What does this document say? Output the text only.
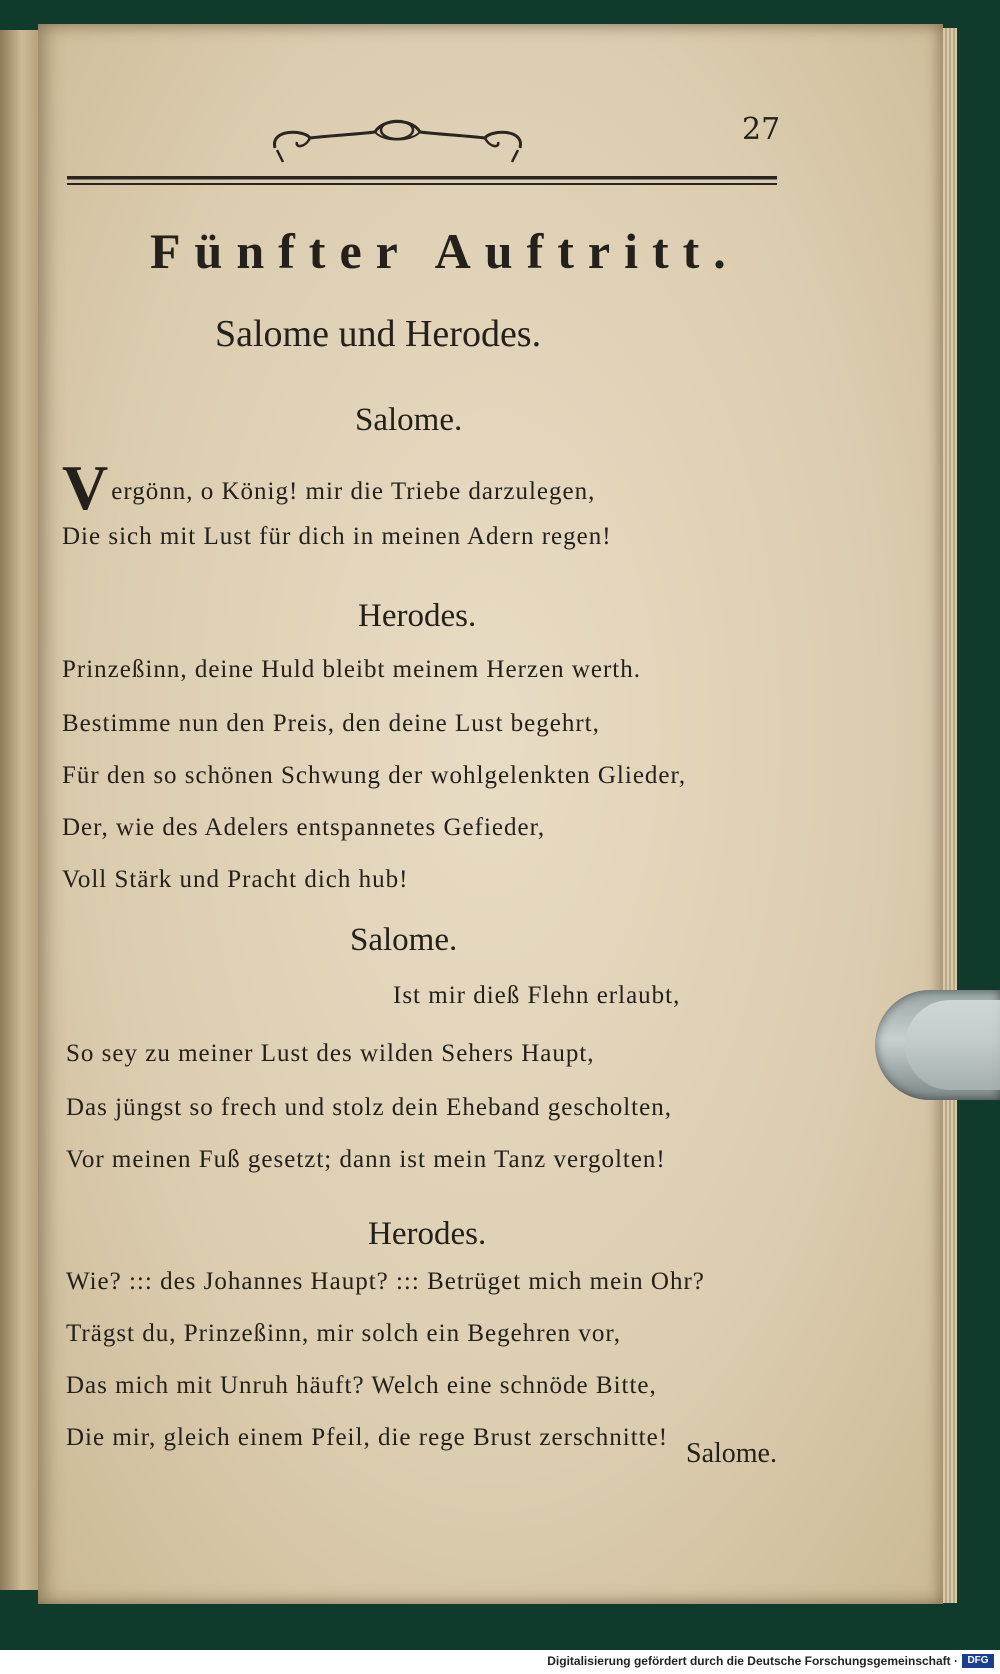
27
Fünfter Auftritt.
Salome und Herodes.
Salome.
Vergönn, o König! mir die Triebe darzulegen,
Die sich mit Lust für dich in meinen Adern regen!
Herodes.
Prinzeßinn, deine Huld bleibt meinem Herzen werth.
Bestimme nun den Preis, den deine Lust begehrt,
Für den so schönen Schwung der wohlgelenkten Glieder,
Der, wie des Adelers entspannetes Gefieder,
Voll Stärk und Pracht dich hub!
Salome.
Ist mir dieß Flehn erlaubt,
So sey zu meiner Lust des wilden Sehers Haupt,
Das jüngst so frech und stolz dein Eheband gescholten,
Vor meinen Fuß gesetzt; dann ist mein Tanz vergolten!
Herodes.
Wie? ::: des Johannes Haupt? ::: Betrüget mich mein Ohr?
Trägst du, Prinzeßinn, mir solch ein Begehren vor,
Das mich mit Unruh häuft? Welch eine schnöde Bitte,
Die mir, gleich einem Pfeil, die rege Brust zerschnitte!
Salome.
Digitalisierung gefördert durch die Deutsche Forschungsgemeinschaft · DFG
